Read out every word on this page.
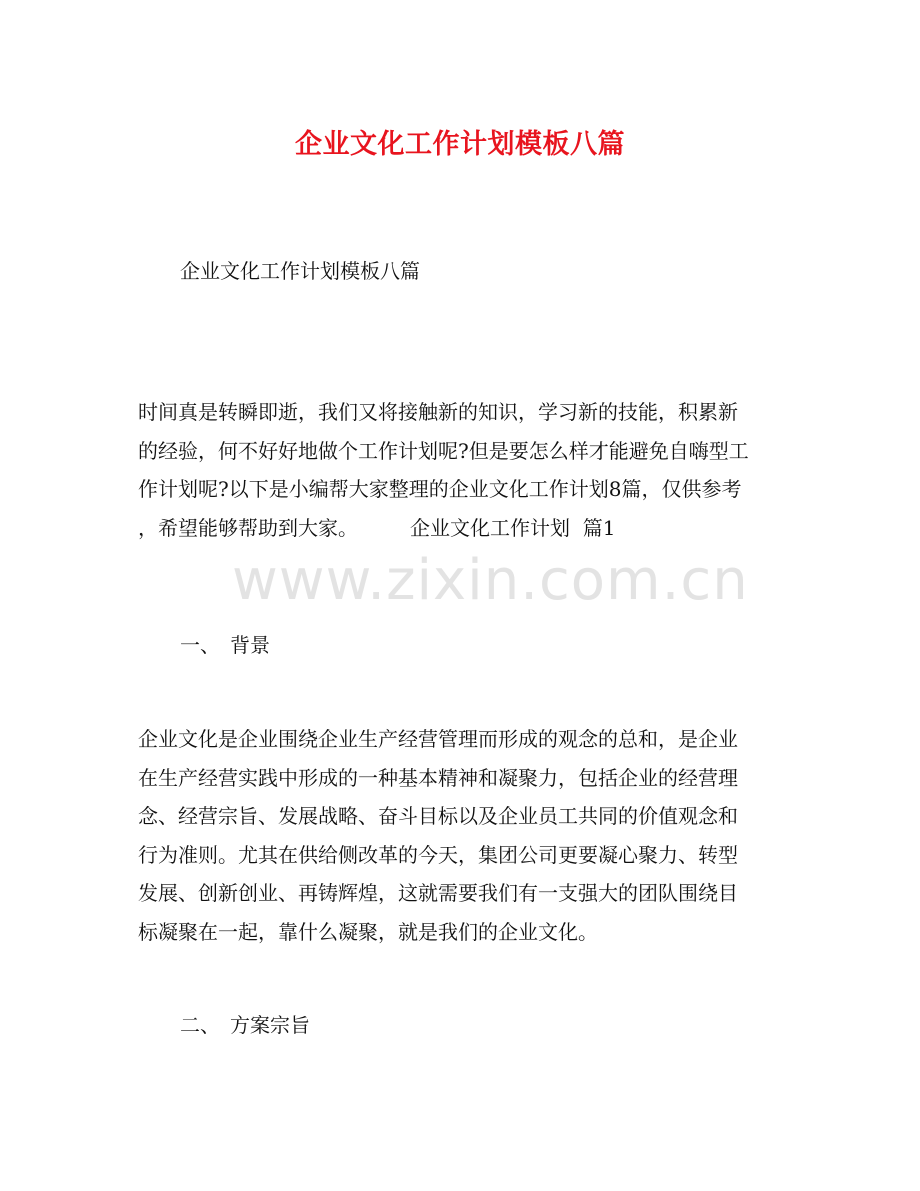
www.zixin.com.cn
企业文化工作计划模板八篇
企业文化工作计划模板八篇

时间真是转瞬即逝，我们又将接触新的知识，学习新的技能，积累新

的经验，何不好好地做个工作计划呢?但是要怎么样才能避免自嗨型工

作计划呢?以下是小编帮大家整理的企业文化工作计划8篇，仅供参考

，希望能够帮助到大家。	企业文化工作计划  篇1

一、 背景

企业文化是企业围绕企业生产经营管理而形成的观念的总和，是企业

在生产经营实践中形成的一种基本精神和凝聚力，包括企业的经营理

念、经营宗旨、发展战略、奋斗目标以及企业员工共同的价值观念和

行为准则。尤其在供给侧改革的今天，集团公司更要凝心聚力、转型

发展、创新创业、再铸辉煌，这就需要我们有一支强大的团队围绕目

标凝聚在一起，靠什么凝聚，就是我们的企业文化。

二、 方案宗旨
